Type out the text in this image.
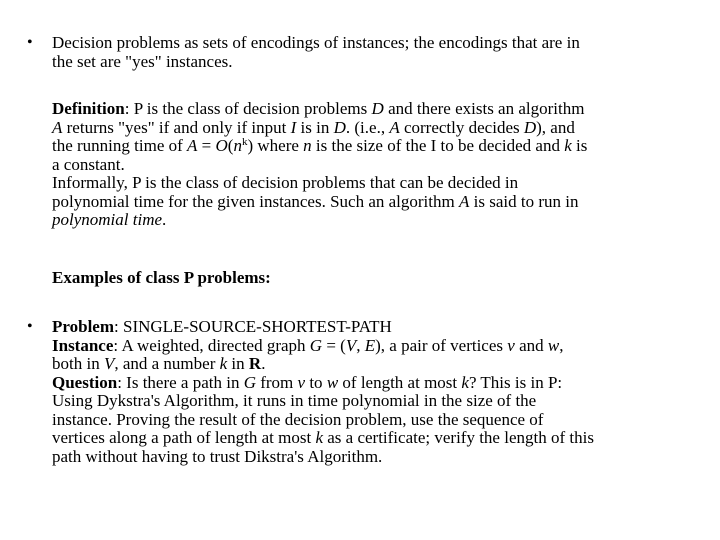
•	Decision problems as sets of encodings of instances; the encodings that are in
the set are "yes" instances.
Definition: P is the class of decision problems D and there exists an algorithm
A returns "yes" if and only if input I is in D. (i.e., A correctly decides D), and
the running time of $A = O(n^k)$ where n is the size of the I to be decided and k is
a constant.
Informally, P is the class of decision problems that can be decided in
polynomial time for the given instances. Such an algorithm A is said to run in
polynomial time.
Examples of class P problems:
•	Problem: SINGLE-SOURCE-SHORTEST-PATH
Instance: A weighted, directed graph G = (V, E), a pair of vertices v and w,
both in V, and a number k in R.
Question: Is there a path in G from v to w of length at most k? This is in P:
Using Dykstra's Algorithm, it runs in time polynomial in the size of the
instance. Proving the result of the decision problem, use the sequence of
vertices along a path of length at most k as a certificate; verify the length of this
path without having to trust Dikstra's Algorithm.
